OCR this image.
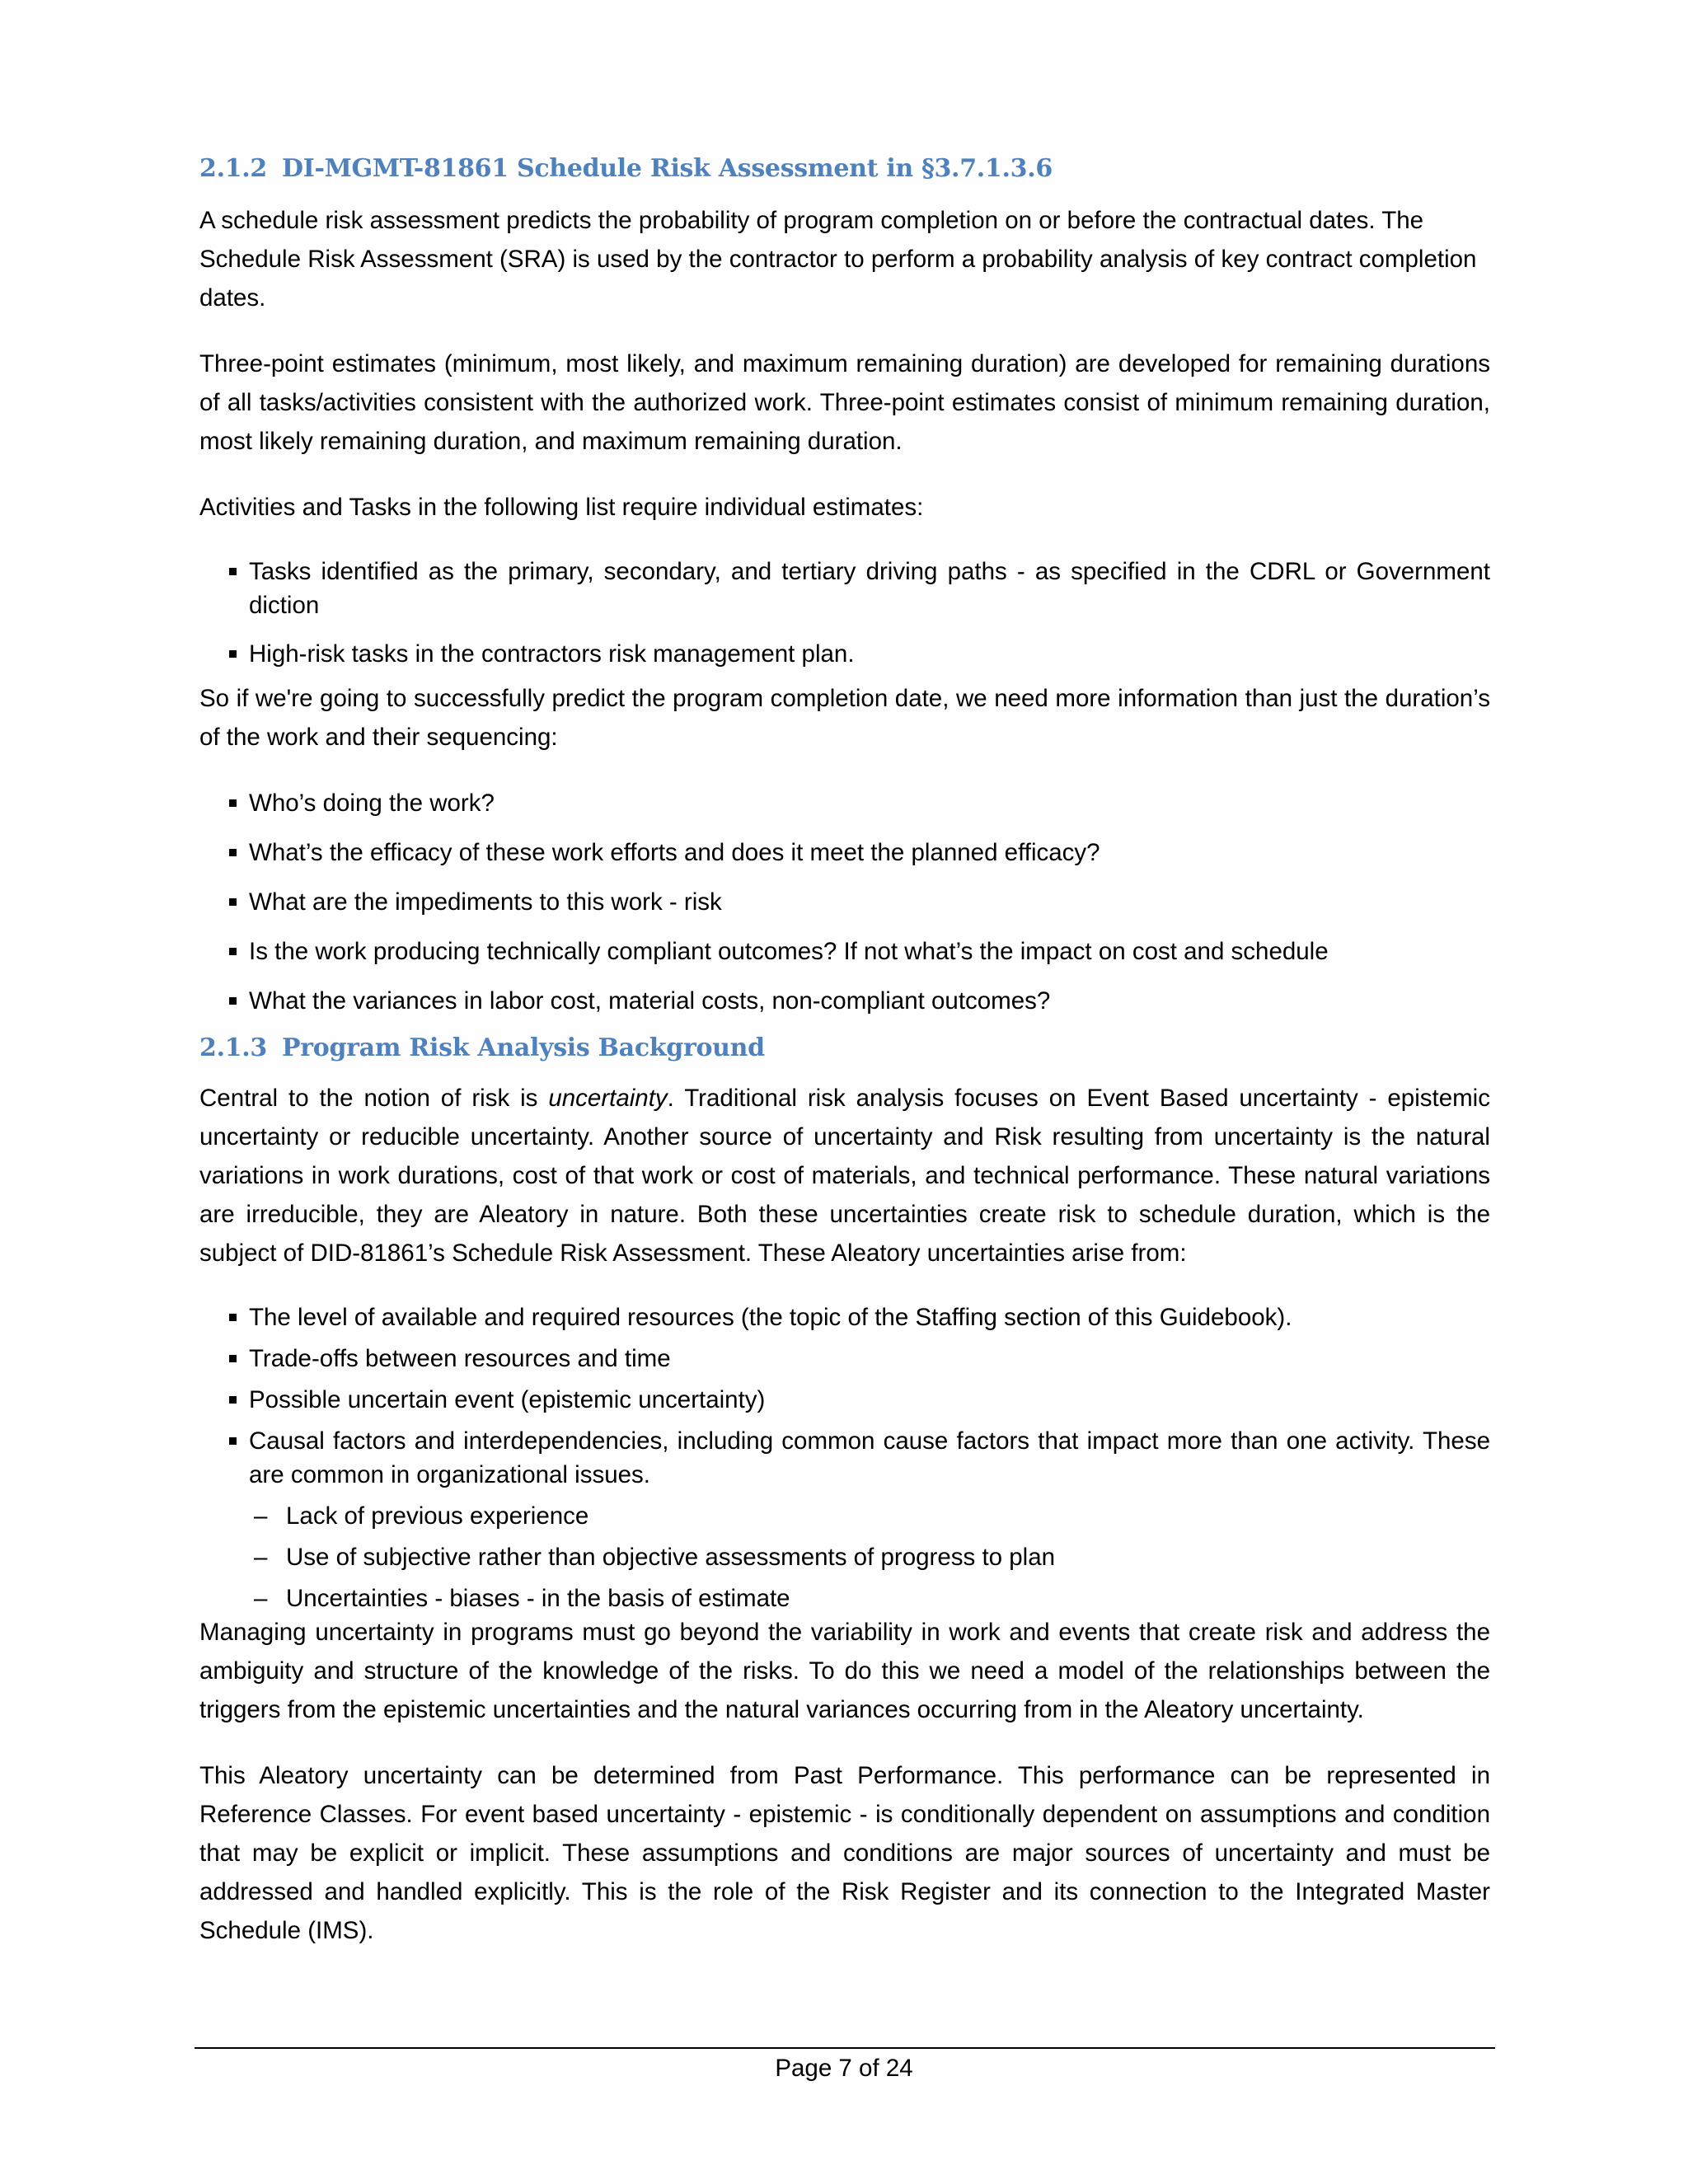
2.1.2 DI-MGMT-81861 Schedule Risk Assessment in §3.7.1.3.6

A schedule risk assessment predicts the probability of program completion on or before the contractual dates. The Schedule Risk Assessment (SRA) is used by the contractor to perform a probability analysis of key contract completion dates.

Three-point estimates (minimum, most likely, and maximum remaining duration) are developed for remaining durations of all tasks/activities consistent with the authorized work. Three-point estimates consist of minimum remaining duration, most likely remaining duration, and maximum remaining duration.

Activities and Tasks in the following list require individual estimates:

Tasks identified as the primary, secondary, and tertiary driving paths - as specified in the CDRL or Government diction
High-risk tasks in the contractors risk management plan.

So if we're going to successfully predict the program completion date, we need more information than just the duration’s of the work and their sequencing:

Who’s doing the work?
What’s the efficacy of these work efforts and does it meet the planned efficacy?
What are the impediments to this work - risk
Is the work producing technically compliant outcomes? If not what’s the impact on cost and schedule
What the variances in labor cost, material costs, non-compliant outcomes?
2.1.3 Program Risk Analysis Background

Central to the notion of risk is uncertainty. Traditional risk analysis focuses on Event Based uncertainty - epistemic uncertainty or reducible uncertainty. Another source of uncertainty and Risk resulting from uncertainty is the natural variations in work durations, cost of that work or cost of materials, and technical performance. These natural variations are irreducible, they are Aleatory in nature. Both these uncertainties create risk to schedule duration, which is the subject of DID-81861’s Schedule Risk Assessment. These Aleatory uncertainties arise from:

The level of available and required resources (the topic of the Staffing section of this Guidebook).
Trade-offs between resources and time
Possible uncertain event (epistemic uncertainty)
Causal factors and interdependencies, including common cause factors that impact more than one activity. These are common in organizational issues.
– Lack of previous experience
– Use of subjective rather than objective assessments of progress to plan
– Uncertainties - biases - in the basis of estimate

Managing uncertainty in programs must go beyond the variability in work and events that create risk and address the ambiguity and structure of the knowledge of the risks. To do this we need a model of the relationships between the triggers from the epistemic uncertainties and the natural variances occurring from in the Aleatory uncertainty.

This Aleatory uncertainty can be determined from Past Performance. This performance can be represented in Reference Classes. For event based uncertainty - epistemic - is conditionally dependent on assumptions and condition that may be explicit or implicit. These assumptions and conditions are major sources of uncertainty and must be addressed and handled explicitly. This is the role of the Risk Register and its connection to the Integrated Master Schedule (IMS).

Page 7 of 24
